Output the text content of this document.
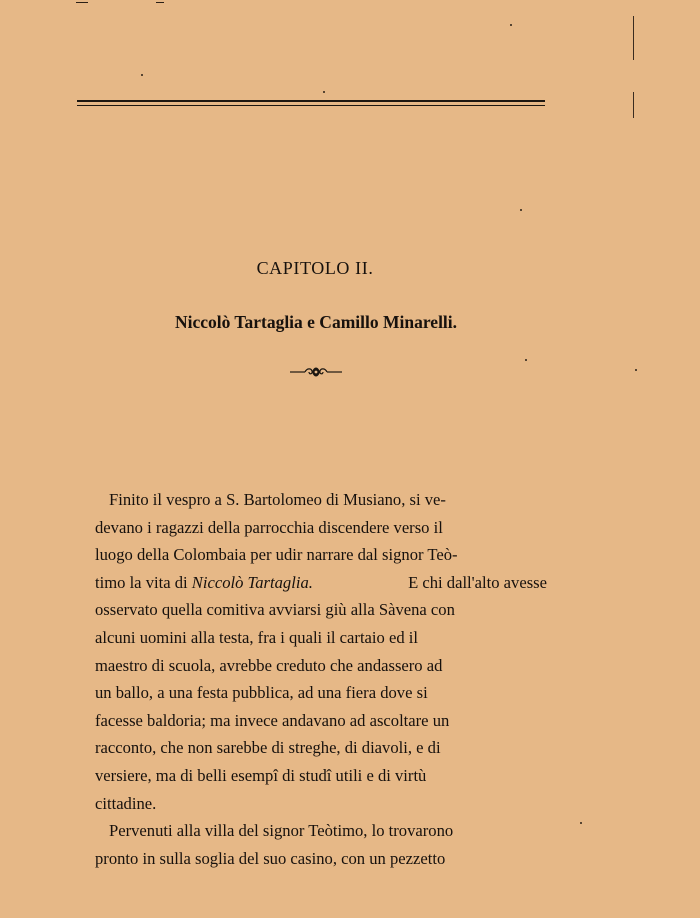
CAPITOLO II.
Niccolò Tartaglia e Camillo Minarelli.
Finito il vespro a S. Bartolomeo di Musiano, si ve-
devano i ragazzi della parrocchia discendere verso il
luogo della Colombaia per udir narrare dal signor Teò-
timo la vita di Niccolò Tartaglia.	E chi dall'alto avesse
osservato quella comitiva avviarsi giù alla Sàvena con
alcuni uomini alla testa, fra i quali il cartaio ed il
maestro di scuola, avrebbe creduto che andassero ad
un ballo, a una festa pubblica, ad una fiera dove si
facesse baldoria; ma invece andavano ad ascoltare un
racconto, che non sarebbe di streghe, di diavoli, e di
versiere, ma di belli esempî di studî utili e di virtù
cittadine.
Pervenuti alla villa del signor Teòtimo, lo trovarono
pronto in sulla soglia del suo casino, con un pezzetto
